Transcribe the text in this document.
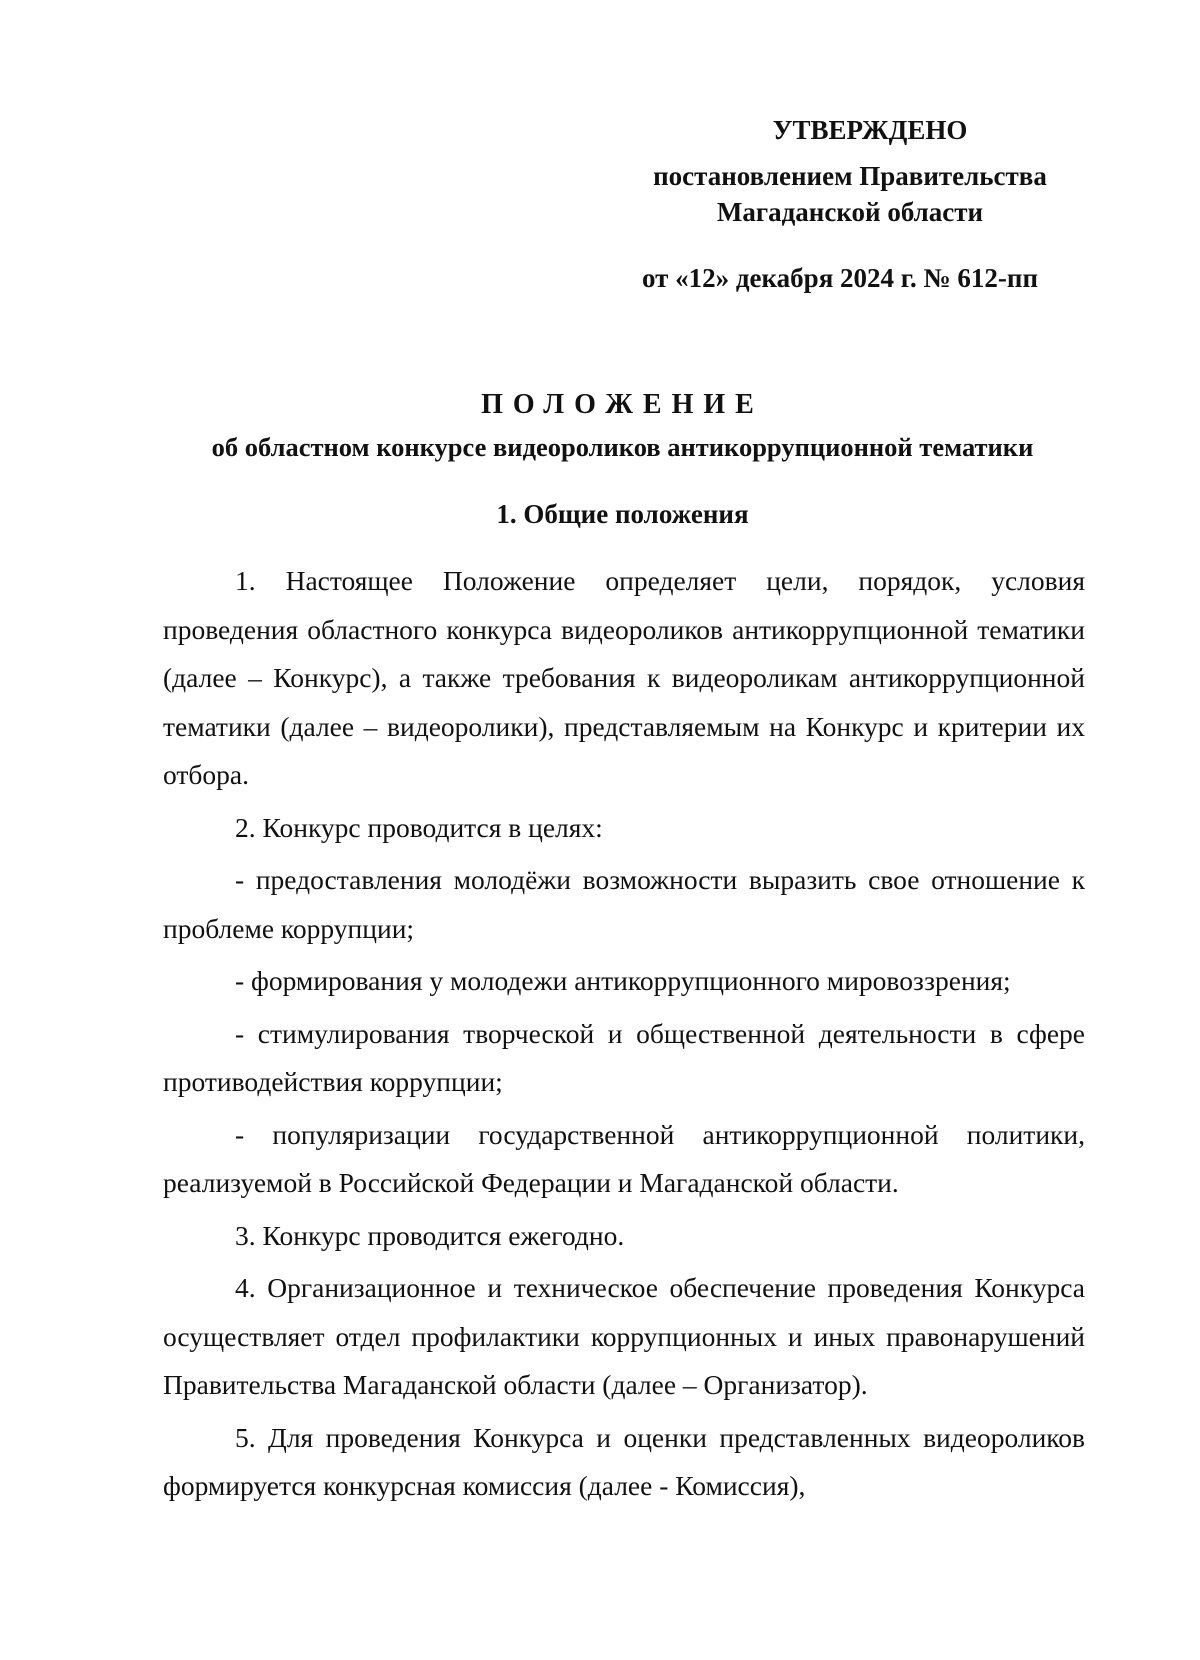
УТВЕРЖДЕНО
постановлением Правительства
Магаданской области
от «12» декабря 2024 г. № 612-пп
ПОЛОЖЕНИЕ
об областном конкурсе видеороликов антикоррупционной тематики
1. Общие положения

1. Настоящее Положение определяет цели, порядок, условия проведения областного конкурса видеороликов антикоррупционной тематики (далее – Конкурс), а также требования к видеороликам антикоррупционной тематики (далее – видеоролики), представляемым на Конкурс и критерии их отбора.

2. Конкурс проводится в целях:

- предоставления молодёжи возможности выразить свое отношение к проблеме коррупции;

- формирования у молодежи антикоррупционного мировоззрения;

- стимулирования творческой и общественной деятельности в сфере противодействия коррупции;

- популяризации государственной антикоррупционной политики, реализуемой в Российской Федерации и Магаданской области.

3. Конкурс проводится ежегодно.

4. Организационное и техническое обеспечение проведения Конкурса осуществляет отдел профилактики коррупционных и иных правонарушений Правительства Магаданской области (далее – Организатор).

5. Для проведения Конкурса и оценки представленных видеороликов формируется конкурсная комиссия (далее - Комиссия),
